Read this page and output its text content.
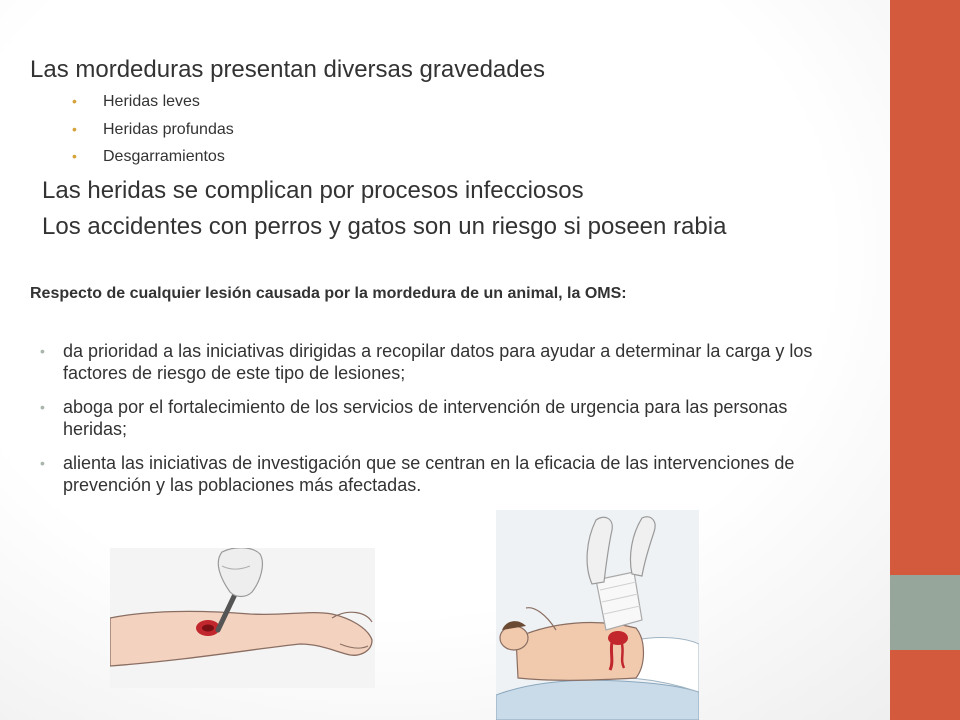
Las mordeduras presentan diversas gravedades
• Heridas leves
• Heridas profundas
• Desgarramientos
Las heridas se complican por procesos infecciosos
Los accidentes con perros y gatos son un riesgo si poseen rabia
Respecto de cualquier lesión causada por la mordedura de un animal, la OMS:
• da prioridad a las iniciativas dirigidas a recopilar datos para ayudar a determinar la carga y los factores de riesgo de este tipo de lesiones;
• aboga por el fortalecimiento de los servicios de intervención de urgencia para las personas heridas;
• alienta las iniciativas de investigación que se centran en la eficacia de las intervenciones de prevención y las poblaciones más afectadas.
